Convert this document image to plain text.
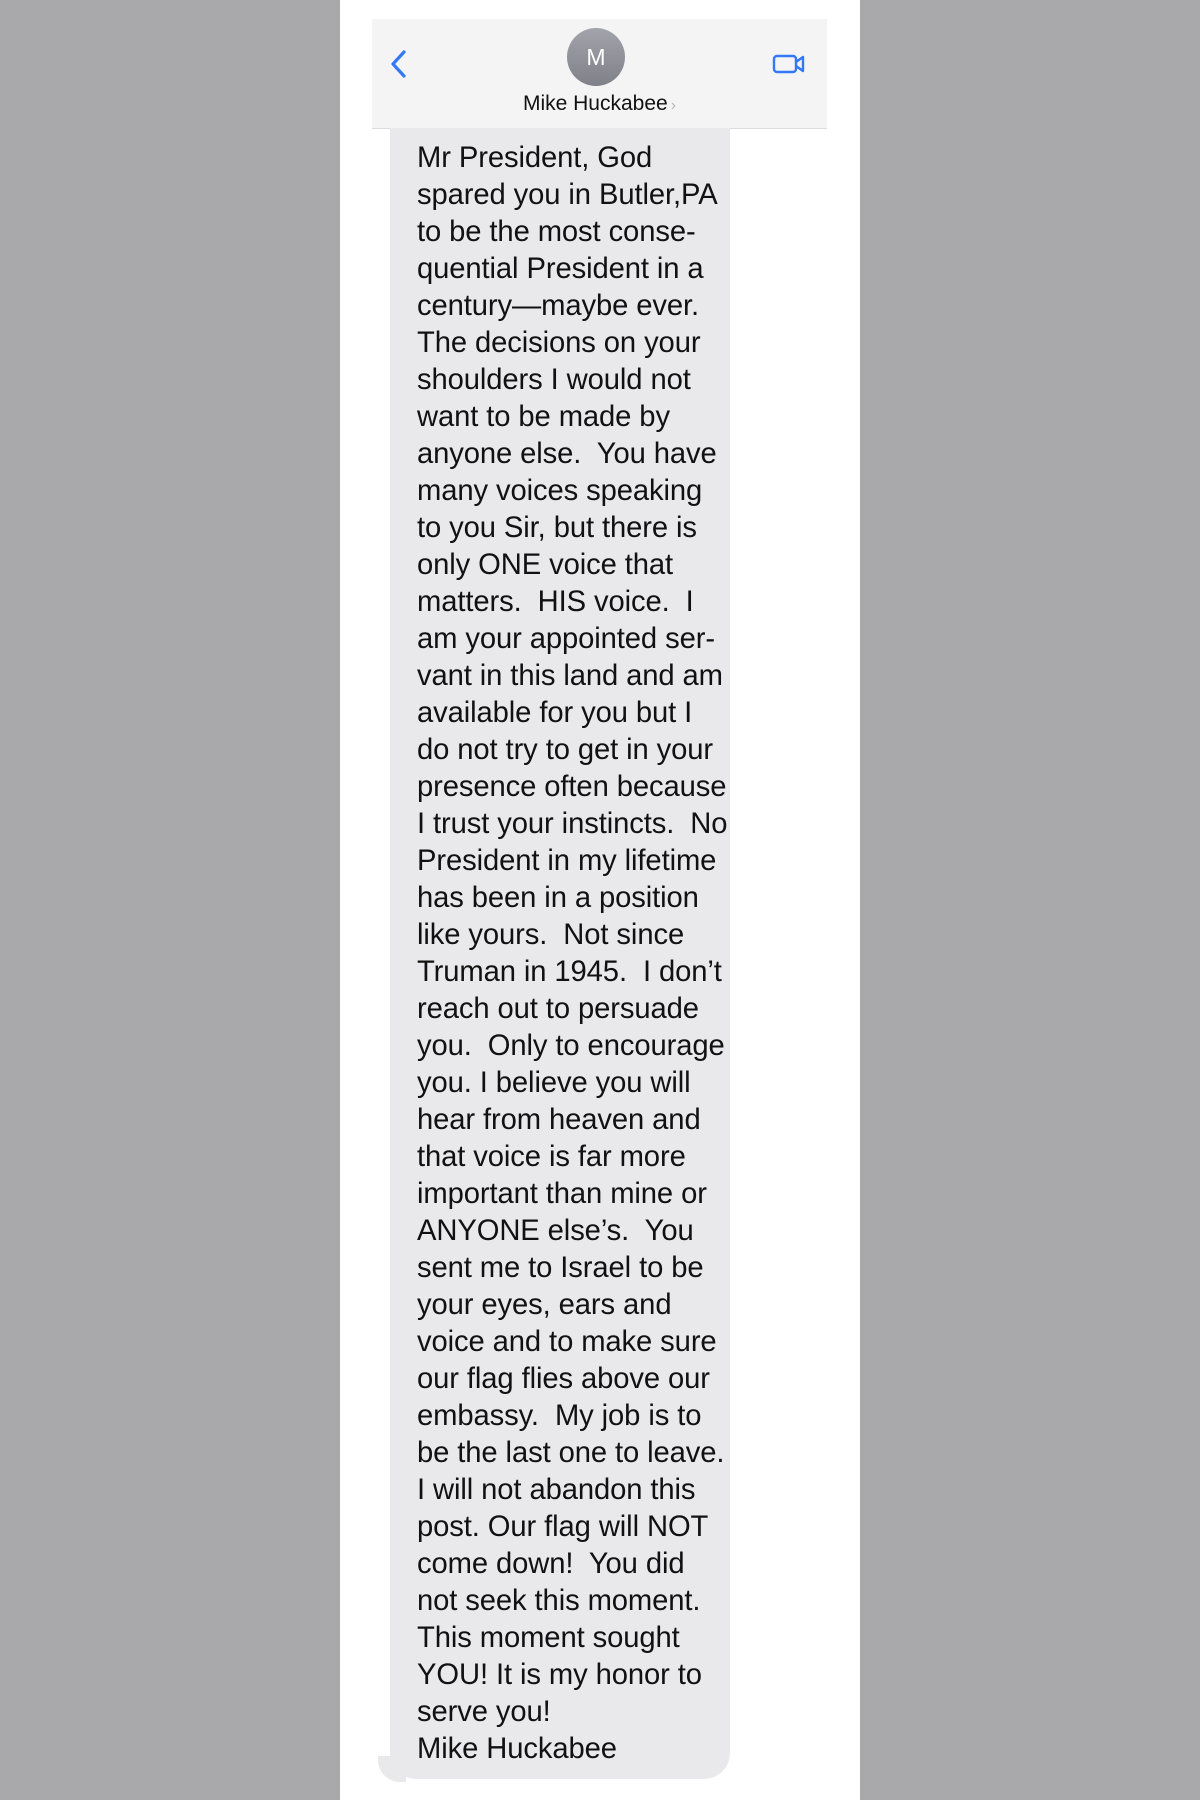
M
Mike Huckabee ›
Mr President, God
spared you in Butler,PA
to be the most conse-
quential President in a
century—maybe ever.
The decisions on your
shoulders I would not
want to be made by
anyone else.  You have
many voices speaking
to you Sir, but there is
only ONE voice that
matters.  HIS voice.  I
am your appointed ser-
vant in this land and am
available for you but I
do not try to get in your
presence often because
I trust your instincts.  No
President in my lifetime
has been in a position
like yours.  Not since
Truman in 1945.  I don’t
reach out to persuade
you.  Only to encourage
you. I believe you will
hear from heaven and
that voice is far more
important than mine or
ANYONE else’s.  You
sent me to Israel to be
your eyes, ears and
voice and to make sure
our flag flies above our
embassy.  My job is to
be the last one to leave.
I will not abandon this
post. Our flag will NOT
come down!  You did
not seek this moment.
This moment sought
YOU! It is my honor to
serve you!
Mike Huckabee
